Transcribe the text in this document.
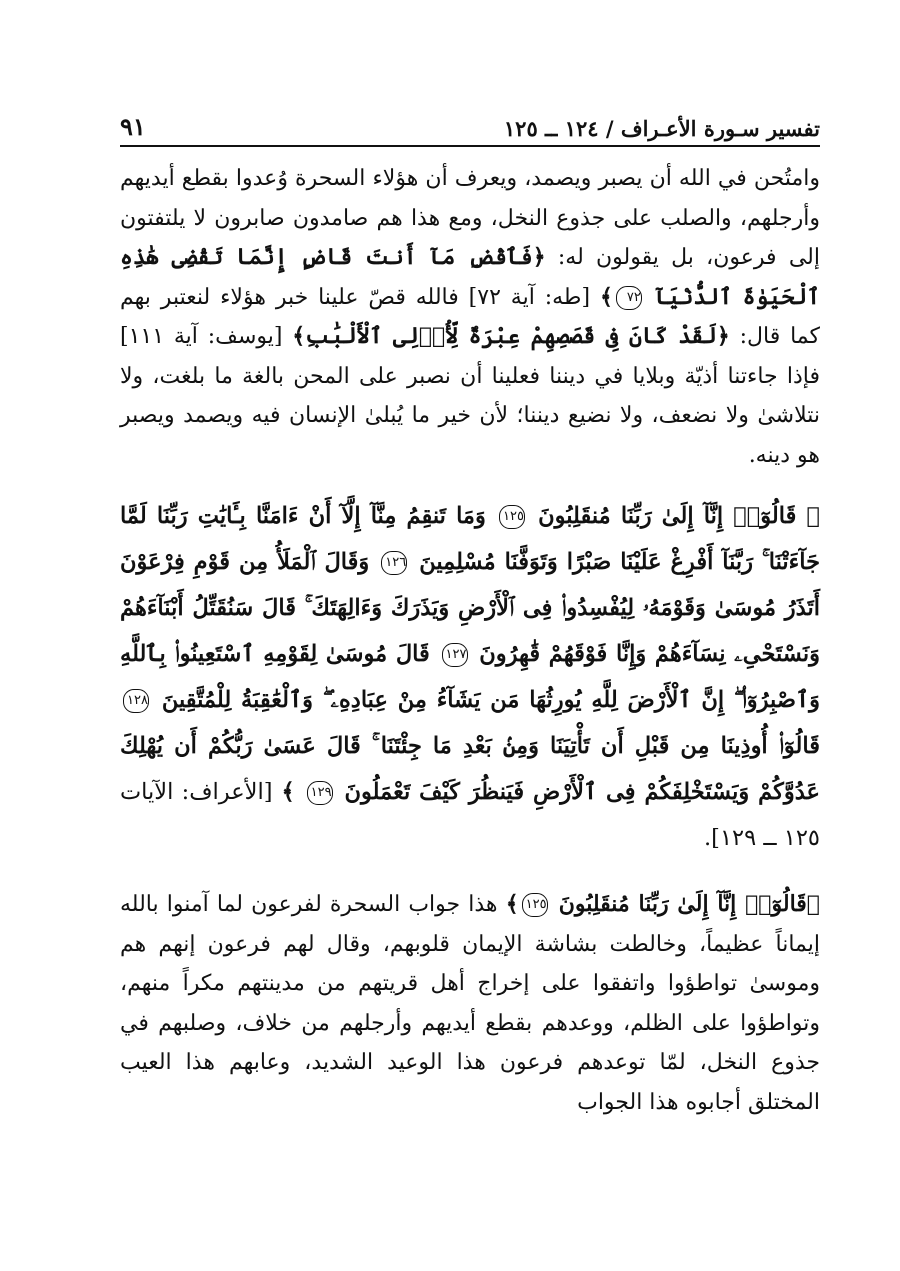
تفسير سـورة الأعـراف / ١٢٤ ــ ١٢٥
٩١

وامتُحن في الله أن يصبر ويصمد، ويعرف أن هؤلاء السحرة وُعدوا بقطع أيديهم وأرجلهم، والصلب على جذوع النخل، ومع هذا هم صامدون صابرون لا يلتفتون إلى فرعون، بل يقولون له: ﴿فَٱقْضِ مَآ أَنتَ قَاضٍ إِنَّمَا تَقْضِى هَٰذِهِ ٱلْحَيَوٰةَ ٱلدُّنْيَآ ٧٢﴾ [طه: آية ٧٢] فالله قصّ علينا خبر هؤلاء لنعتبر بهم كما قال: ﴿لَقَدْ كَانَ فِى قَصَصِهِمْ عِبْرَةٌ لِّأُو۟لِى ٱلْأَلْبَٰبِ﴾ [يوسف: آية ١١١] فإذا جاءتنا أذيّة وبلايا في ديننا فعلينا أن نصبر على المحن بالغة ما بلغت، ولا نتلاشىٰ ولا نضعف، ولا نضيع ديننا؛ لأن خير ما يُبلىٰ الإنسان فيه ويصمد ويصبر هو دينه.

﴿ قَالُوٓا۟ إِنَّآ إِلَىٰ رَبِّنَا مُنقَلِبُونَ ١٢٥ وَمَا تَنقِمُ مِنَّآ إِلَّآ أَنْ ءَامَنَّا بِـَٔايَٰتِ رَبِّنَا لَمَّا جَآءَتْنَا ۚ رَبَّنَآ أَفْرِغْ عَلَيْنَا صَبْرًا وَتَوَفَّنَا مُسْلِمِينَ ١٢٦ وَقَالَ ٱلْمَلَأُ مِن قَوْمِ فِرْعَوْنَ أَتَذَرُ مُوسَىٰ وَقَوْمَهُۥ لِيُفْسِدُوا۟ فِى ٱلْأَرْضِ وَيَذَرَكَ وَءَالِهَتَكَ ۚ قَالَ سَنُقَتِّلُ أَبْنَآءَهُمْ وَنَسْتَحْىِۦ نِسَآءَهُمْ وَإِنَّا فَوْقَهُمْ قَٰهِرُونَ ١٢٧ قَالَ مُوسَىٰ لِقَوْمِهِ ٱسْتَعِينُوا۟ بِٱللَّهِ وَٱصْبِرُوٓا۟ ۖ إِنَّ ٱلْأَرْضَ لِلَّهِ يُورِثُهَا مَن يَشَآءُ مِنْ عِبَادِهِۦ ۖ وَٱلْعَٰقِبَةُ لِلْمُتَّقِينَ ١٢٨ قَالُوٓا۟ أُوذِينَا مِن قَبْلِ أَن تَأْتِيَنَا وَمِنۢ بَعْدِ مَا جِئْتَنَا ۚ قَالَ عَسَىٰ رَبُّكُمْ أَن يُهْلِكَ عَدُوَّكُمْ وَيَسْتَخْلِفَكُمْ فِى ٱلْأَرْضِ فَيَنظُرَ كَيْفَ تَعْمَلُونَ ١٢٩ ﴾ [الأعراف: الآيات ١٢٥ ــ ١٢٩].

﴿قَالُوٓا۟ إِنَّآ إِلَىٰ رَبِّنَا مُنقَلِبُونَ ١٢٥﴾ هذا جواب السحرة لفرعون لما آمنوا بالله إيماناً عظيماً، وخالطت بشاشة الإيمان قلوبهم، وقال لهم فرعون إنهم هم وموسىٰ تواطؤوا واتفقوا على إخراج أهل قريتهم من مدينتهم مكراً منهم، وتواطؤوا على الظلم، ووعدهم بقطع أيديهم وأرجلهم من خلاف، وصلبهم في جذوع النخل، لمّا توعدهم فرعون هذا الوعيد الشديد، وعابهم هذا العيب المختلق أجابوه هذا الجواب
